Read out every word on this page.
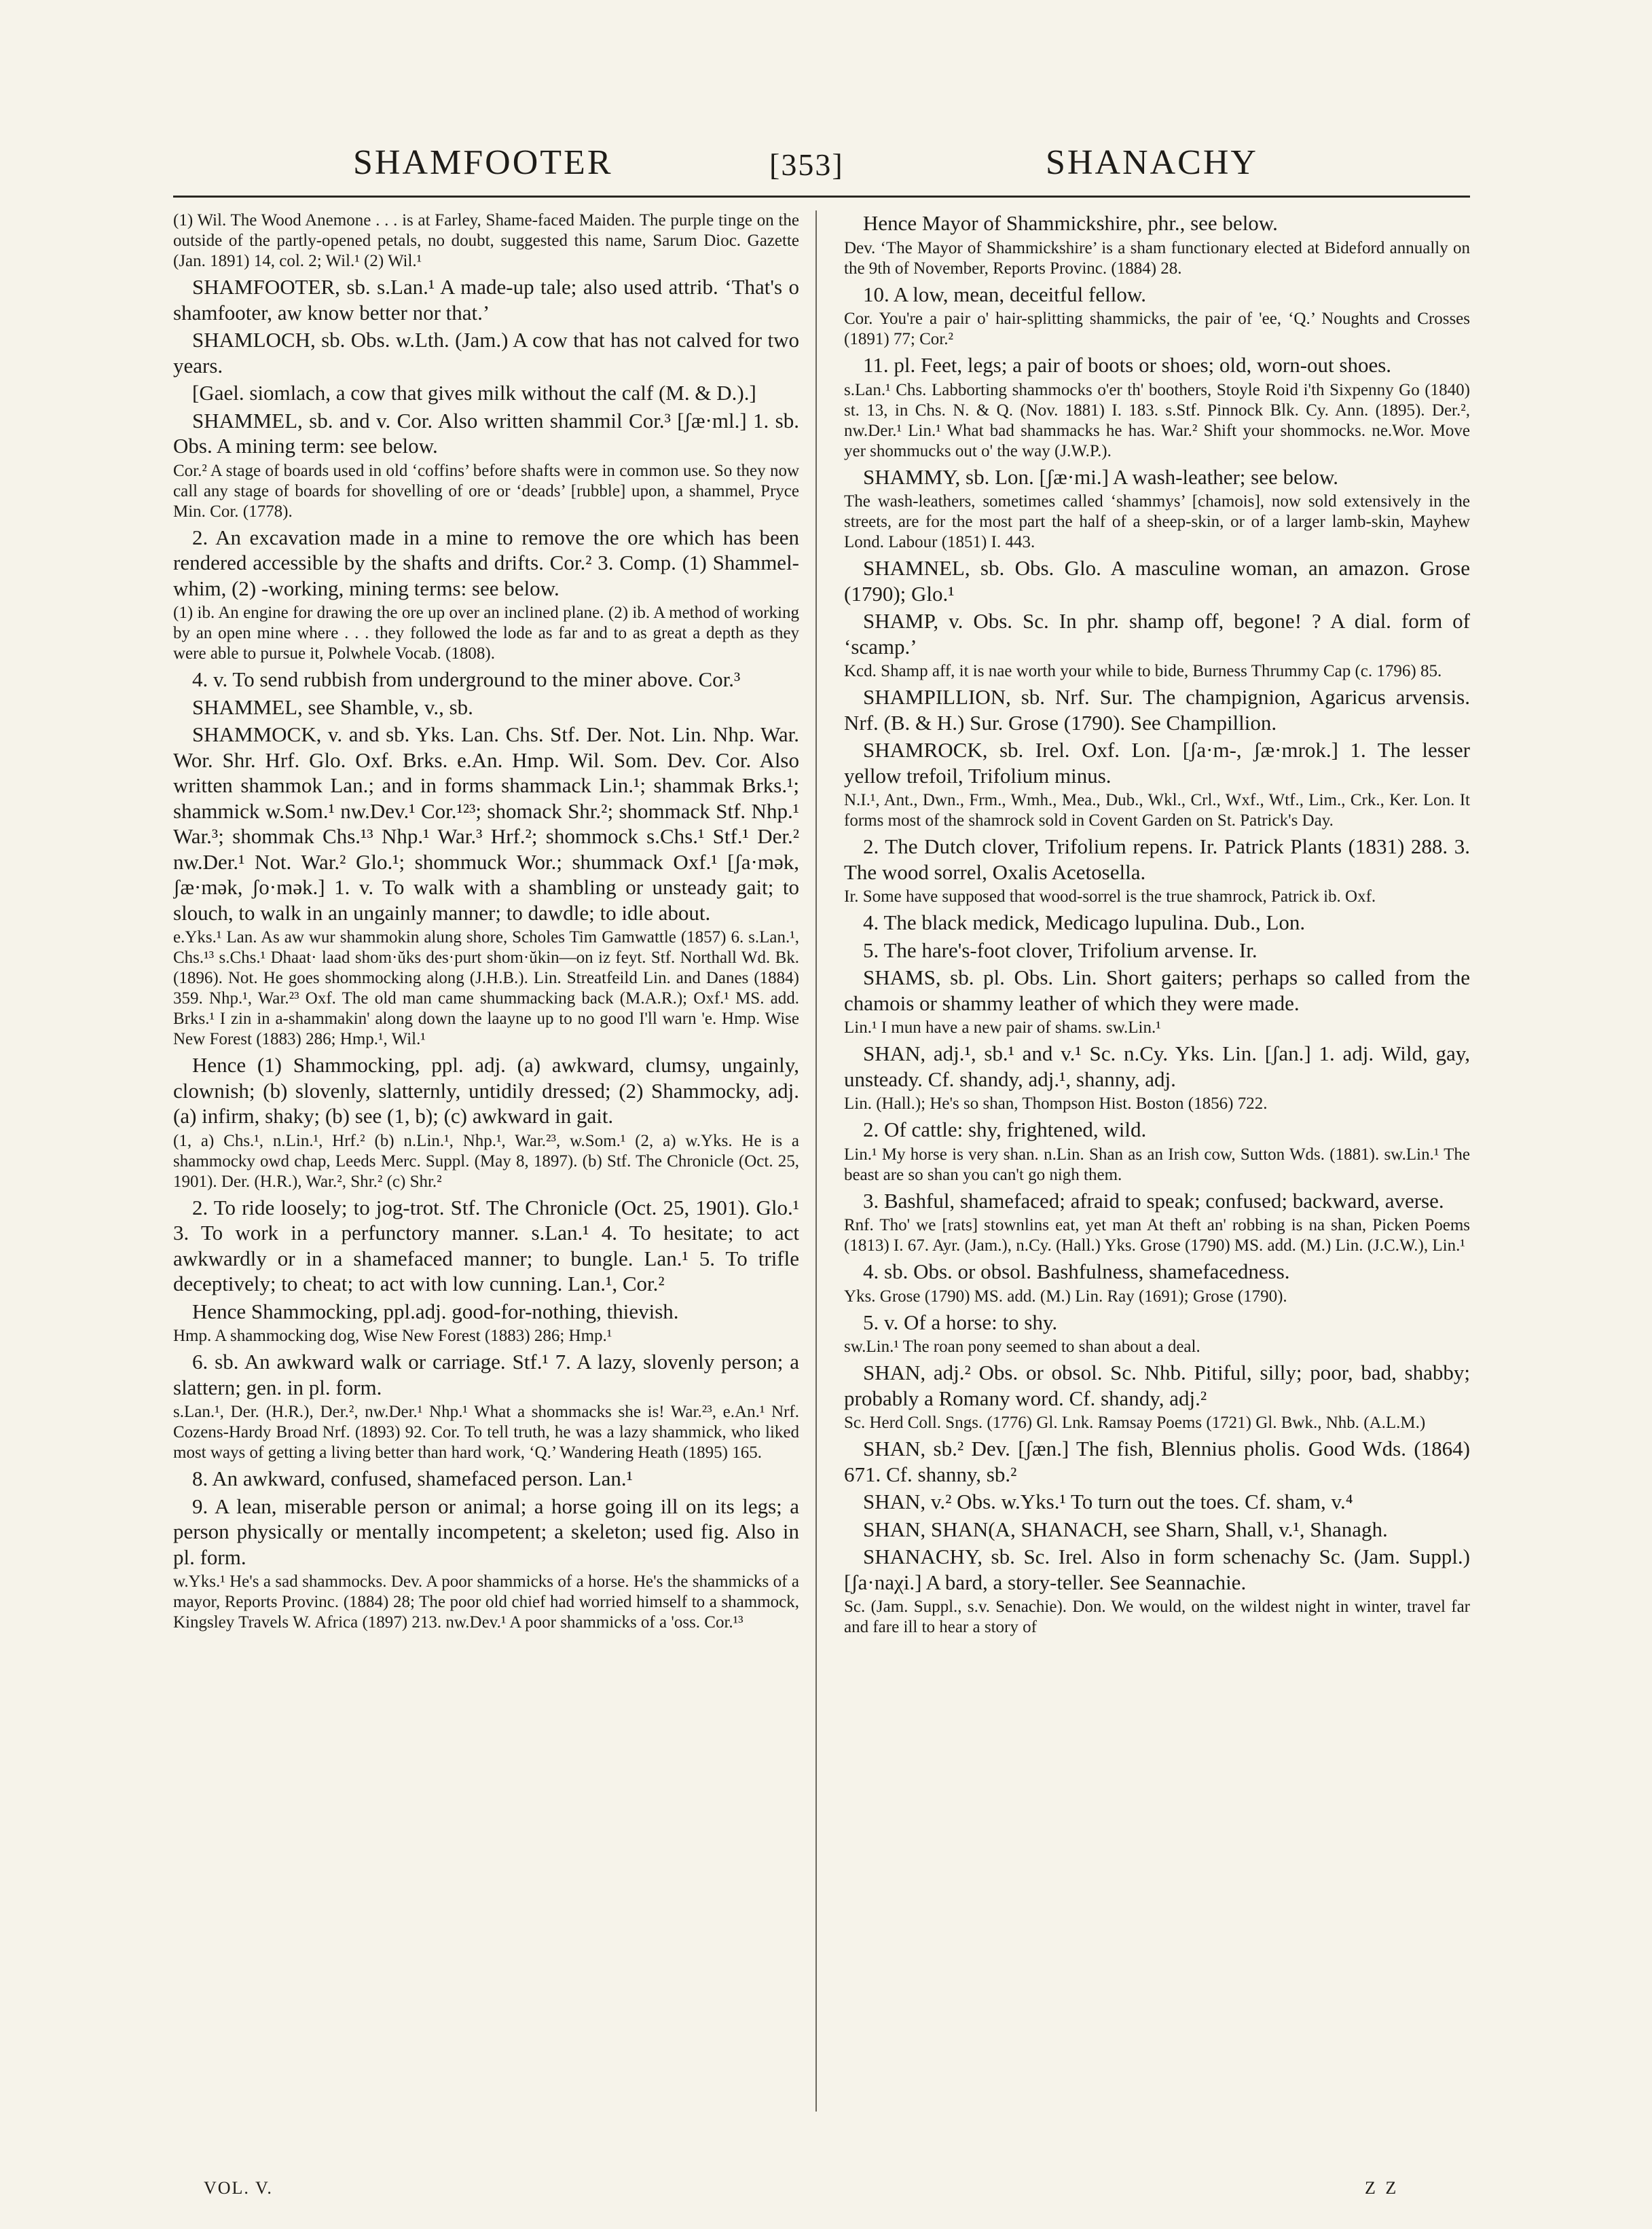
SHAMFOOTER	[353]	SHANACHY

(1) Wil. The Wood Anemone . . . is at Farley, Shame-faced Maiden. The purple tinge on the outside of the partly-opened petals, no doubt, suggested this name, Sarum Dioc. Gazette (Jan. 1891) 14, col. 2; Wil.¹ (2) Wil.¹

SHAMFOOTER, sb. s.Lan.¹ A made-up tale; also used attrib. ‘That's o shamfooter, aw know better nor that.’

SHAMLOCH, sb. Obs. w.Lth. (Jam.) A cow that has not calved for two years.

[Gael. siomlach, a cow that gives milk without the calf (M. & D.).]

SHAMMEL, sb. and v. Cor. Also written shammil Cor.³ [ʃæ·ml.] 1. sb. Obs. A mining term: see below.

Cor.² A stage of boards used in old ‘coffins’ before shafts were in common use. So they now call any stage of boards for shovelling of ore or ‘deads’ [rubble] upon, a shammel, Pryce Min. Cor. (1778).

2. An excavation made in a mine to remove the ore which has been rendered accessible by the shafts and drifts. Cor.² 3. Comp. (1) Shammel-whim, (2) -working, mining terms: see below.

(1) ib. An engine for drawing the ore up over an inclined plane. (2) ib. A method of working by an open mine where . . . they followed the lode as far and to as great a depth as they were able to pursue it, Polwhele Vocab. (1808).

4. v. To send rubbish from underground to the miner above. Cor.³

SHAMMEL, see Shamble, v., sb.

SHAMMOCK, v. and sb. Yks. Lan. Chs. Stf. Der. Not. Lin. Nhp. War. Wor. Shr. Hrf. Glo. Oxf. Brks. e.An. Hmp. Wil. Som. Dev. Cor. Also written shammok Lan.; and in forms shammack Lin.¹; shammak Brks.¹; shammick w.Som.¹ nw.Dev.¹ Cor.¹²³; shomack Shr.²; shommack Stf. Nhp.¹ War.³; shommak Chs.¹³ Nhp.¹ War.³ Hrf.²; shommock s.Chs.¹ Stf.¹ Der.² nw.Der.¹ Not. War.² Glo.¹; shommuck Wor.; shummack Oxf.¹ [ʃa·mək, ʃæ·mək, ʃo·mək.] 1. v. To walk with a shambling or unsteady gait; to slouch, to walk in an ungainly manner; to dawdle; to idle about.

e.Yks.¹ Lan. As aw wur shammokin alung shore, Scholes Tim Gamwattle (1857) 6. s.Lan.¹, Chs.¹³ s.Chs.¹ Dhaat· laad shom·ŭks des·purt shom·ŭkin—on iz feyt. Stf. Northall Wd. Bk. (1896). Not. He goes shommocking along (J.H.B.). Lin. Streatfeild Lin. and Danes (1884) 359. Nhp.¹, War.²³ Oxf. The old man came shummacking back (M.A.R.); Oxf.¹ MS. add. Brks.¹ I zin in a-shammakin' along down the laayne up to no good I'll warn 'e. Hmp. Wise New Forest (1883) 286; Hmp.¹, Wil.¹

Hence (1) Shammocking, ppl. adj. (a) awkward, clumsy, ungainly, clownish; (b) slovenly, slatternly, untidily dressed; (2) Shammocky, adj. (a) infirm, shaky; (b) see (1, b); (c) awkward in gait.

(1, a) Chs.¹, n.Lin.¹, Hrf.² (b) n.Lin.¹, Nhp.¹, War.²³, w.Som.¹ (2, a) w.Yks. He is a shammocky owd chap, Leeds Merc. Suppl. (May 8, 1897). (b) Stf. The Chronicle (Oct. 25, 1901). Der. (H.R.), War.², Shr.² (c) Shr.²

2. To ride loosely; to jog-trot. Stf. The Chronicle (Oct. 25, 1901). Glo.¹ 3. To work in a perfunctory manner. s.Lan.¹ 4. To hesitate; to act awkwardly or in a shamefaced manner; to bungle. Lan.¹ 5. To trifle deceptively; to cheat; to act with low cunning. Lan.¹, Cor.²

Hence Shammocking, ppl.adj. good-for-nothing, thievish.

Hmp. A shammocking dog, Wise New Forest (1883) 286; Hmp.¹

6. sb. An awkward walk or carriage. Stf.¹ 7. A lazy, slovenly person; a slattern; gen. in pl. form.

s.Lan.¹, Der. (H.R.), Der.², nw.Der.¹ Nhp.¹ What a shommacks she is! War.²³, e.An.¹ Nrf. Cozens-Hardy Broad Nrf. (1893) 92. Cor. To tell truth, he was a lazy shammick, who liked most ways of getting a living better than hard work, ‘Q.’ Wandering Heath (1895) 165.

8. An awkward, confused, shamefaced person. Lan.¹

9. A lean, miserable person or animal; a horse going ill on its legs; a person physically or mentally incompetent; a skeleton; used fig. Also in pl. form.

w.Yks.¹ He's a sad shammocks. Dev. A poor shammicks of a horse. He's the shammicks of a mayor, Reports Provinc. (1884) 28; The poor old chief had worried himself to a shammock, Kingsley Travels W. Africa (1897) 213. nw.Dev.¹ A poor shammicks of a 'oss. Cor.¹³

Hence Mayor of Shammickshire, phr., see below.

Dev. ‘The Mayor of Shammickshire’ is a sham functionary elected at Bideford annually on the 9th of November, Reports Provinc. (1884) 28.

10. A low, mean, deceitful fellow.

Cor. You're a pair o' hair-splitting shammicks, the pair of 'ee, ‘Q.’ Noughts and Crosses (1891) 77; Cor.²

11. pl. Feet, legs; a pair of boots or shoes; old, worn-out shoes.

s.Lan.¹ Chs. Labborting shammocks o'er th' boothers, Stoyle Roid i'th Sixpenny Go (1840) st. 13, in Chs. N. & Q. (Nov. 1881) I. 183. s.Stf. Pinnock Blk. Cy. Ann. (1895). Der.², nw.Der.¹ Lin.¹ What bad shammacks he has. War.² Shift your shommocks. ne.Wor. Move yer shommucks out o' the way (J.W.P.).

SHAMMY, sb. Lon. [ʃæ·mi.] A wash-leather; see below.

The wash-leathers, sometimes called ‘shammys’ [chamois], now sold extensively in the streets, are for the most part the half of a sheep-skin, or of a larger lamb-skin, Mayhew Lond. Labour (1851) I. 443.

SHAMNEL, sb. Obs. Glo. A masculine woman, an amazon. Grose (1790); Glo.¹

SHAMP, v. Obs. Sc. In phr. shamp off, begone! ? A dial. form of ‘scamp.’

Kcd. Shamp aff, it is nae worth your while to bide, Burness Thrummy Cap (c. 1796) 85.

SHAMPILLION, sb. Nrf. Sur. The champignion, Agaricus arvensis. Nrf. (B. & H.) Sur. Grose (1790). See Champillion.

SHAMROCK, sb. Irel. Oxf. Lon. [ʃa·m-, ʃæ·mrok.] 1. The lesser yellow trefoil, Trifolium minus.

N.I.¹, Ant., Dwn., Frm., Wmh., Mea., Dub., Wkl., Crl., Wxf., Wtf., Lim., Crk., Ker. Lon. It forms most of the shamrock sold in Covent Garden on St. Patrick's Day.

2. The Dutch clover, Trifolium repens. Ir. Patrick Plants (1831) 288. 3. The wood sorrel, Oxalis Acetosella.

Ir. Some have supposed that wood-sorrel is the true shamrock, Patrick ib. Oxf.

4. The black medick, Medicago lupulina. Dub., Lon.

5. The hare's-foot clover, Trifolium arvense. Ir.

SHAMS, sb. pl. Obs. Lin. Short gaiters; perhaps so called from the chamois or shammy leather of which they were made.

Lin.¹ I mun have a new pair of shams. sw.Lin.¹

SHAN, adj.¹, sb.¹ and v.¹ Sc. n.Cy. Yks. Lin. [ʃan.] 1. adj. Wild, gay, unsteady. Cf. shandy, adj.¹, shanny, adj.

Lin. (Hall.); He's so shan, Thompson Hist. Boston (1856) 722.

2. Of cattle: shy, frightened, wild.

Lin.¹ My horse is very shan. n.Lin. Shan as an Irish cow, Sutton Wds. (1881). sw.Lin.¹ The beast are so shan you can't go nigh them.

3. Bashful, shamefaced; afraid to speak; confused; backward, averse.

Rnf. Tho' we [rats] stownlins eat, yet man At theft an' robbing is na shan, Picken Poems (1813) I. 67. Ayr. (Jam.), n.Cy. (Hall.) Yks. Grose (1790) MS. add. (M.) Lin. (J.C.W.), Lin.¹

4. sb. Obs. or obsol. Bashfulness, shamefacedness.

Yks. Grose (1790) MS. add. (M.) Lin. Ray (1691); Grose (1790).

5. v. Of a horse: to shy.

sw.Lin.¹ The roan pony seemed to shan about a deal.

SHAN, adj.² Obs. or obsol. Sc. Nhb. Pitiful, silly; poor, bad, shabby; probably a Romany word. Cf. shandy, adj.²

Sc. Herd Coll. Sngs. (1776) Gl. Lnk. Ramsay Poems (1721) Gl. Bwk., Nhb. (A.L.M.)

SHAN, sb.² Dev. [ʃæn.] The fish, Blennius pholis. Good Wds. (1864) 671. Cf. shanny, sb.²

SHAN, v.² Obs. w.Yks.¹ To turn out the toes. Cf. sham, v.⁴

SHAN, SHAN(A, SHANACH, see Sharn, Shall, v.¹, Shanagh.

SHANACHY, sb. Sc. Irel. Also in form schenachy Sc. (Jam. Suppl.) [ʃa·naχi.] A bard, a story-teller. See Seannachie.

Sc. (Jam. Suppl., s.v. Senachie). Don. We would, on the wildest night in winter, travel far and fare ill to hear a story of

VOL. V.	Z Z
